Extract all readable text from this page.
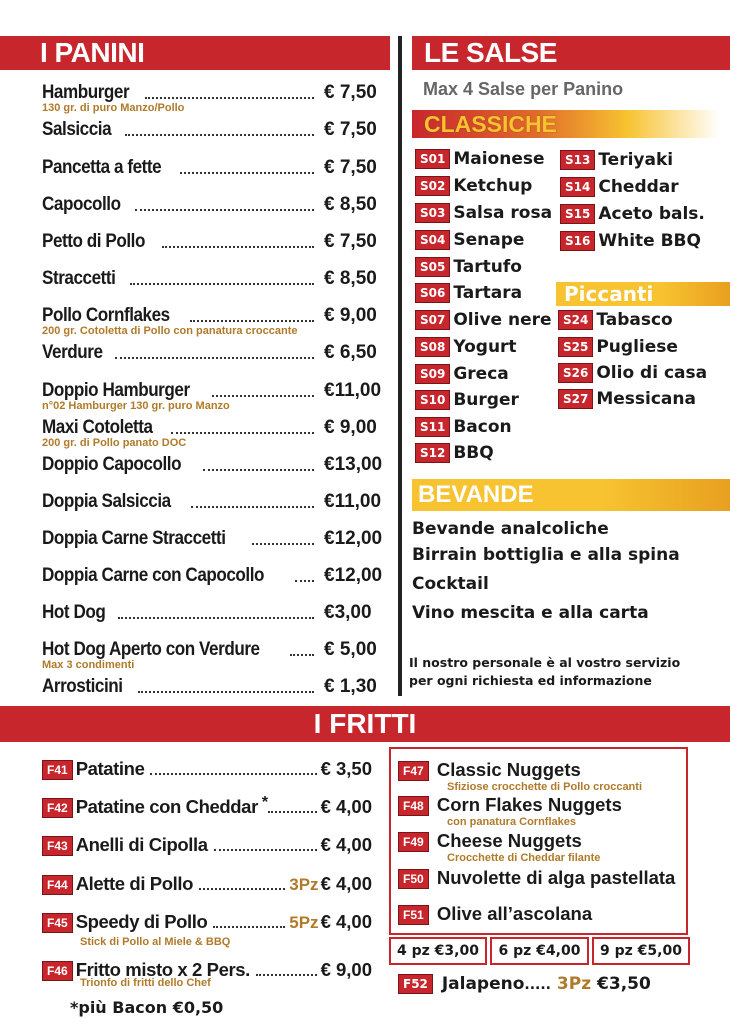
I PANINI
Hamburger	€ 7,50
130 gr. di puro Manzo/Pollo
Salsiccia	€ 7,50
Pancetta a fette	€ 7,50
Capocollo	€ 8,50
Petto di Pollo	€ 7,50
Straccetti	€ 8,50
Pollo Cornflakes	€ 9,00
200 gr. Cotoletta di Pollo con panatura croccante
Verdure	€ 6,50
Doppio Hamburger	€11,00
n°02 Hamburger 130 gr. puro Manzo
Maxi Cotoletta	€ 9,00
200 gr. di Pollo panato DOC
Doppio Capocollo	€13,00
Doppia Salsiccia	€11,00
Doppia Carne Straccetti	€12,00
Doppia Carne con Capocollo	€12,00
Hot Dog	€3,00
Hot Dog Aperto con Verdure	€ 5,00
Max 3 condimenti
Arrosticini	€ 1,30
LE SALSE
Max 4 Salse per Panino
CLASSICHE
S01 Maionese
S02 Ketchup
S03 Salsa rosa
S04 Senape
S05 Tartufo
S06 Tartara
S07 Olive nere
S08 Yogurt
S09 Greca
S10 Burger
S11 Bacon
S12 BBQ
S13 Teriyaki
S14 Cheddar
S15 Aceto bals.
S16 White BBQ
Piccanti
S24 Tabasco
S25 Pugliese
S26 Olio di casa
S27 Messicana
BEVANDE
Bevande analcoliche
Birrain bottiglia e alla spina
Cocktail
Vino mescita e alla carta
Il nostro personale è al vostro servizio
per ogni richiesta ed informazione
I FRITTI
F41 Patatine	€ 3,50
F42 Patatine con Cheddar *	€ 4,00
F43 Anelli di Cipolla	€ 4,00
F44 Alette di Pollo	3Pz € 4,00
F45 Speedy di Pollo	5Pz € 4,00
Stick di Pollo al Miele & BBQ
F46 Fritto misto x 2 Pers.	€ 9,00
Trionfo di fritti dello Chef
*più Bacon €0,50
F47 Classic Nuggets
Sfiziose crocchette di Pollo croccanti
F48 Corn Flakes Nuggets
con panatura Cornflakes
F49 Cheese Nuggets
Crocchette di Cheddar filante
F50 Nuvolette di alga pastellata
F51 Olive all’ascolana
4 pz €3,00	6 pz €4,00	9 pz €5,00
F52 Jalapeno..... 3Pz €3,50
